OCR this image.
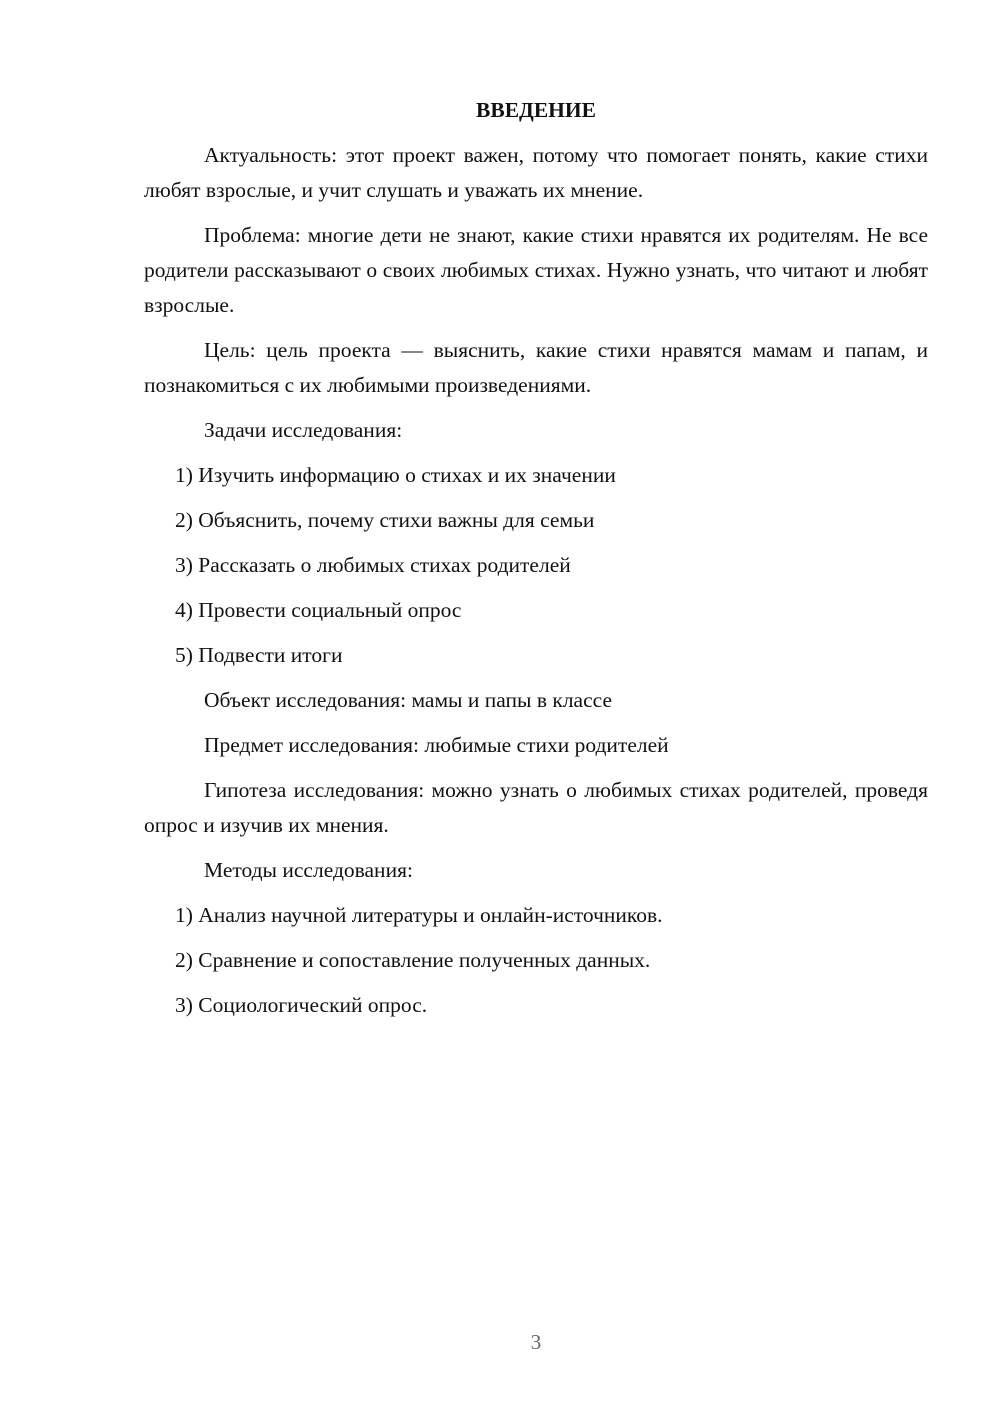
ВВЕДЕНИЕ
Актуальность: этот проект важен, потому что помогает понять, какие стихи любят взрослые, и учит слушать и уважать их мнение.
Проблема: многие дети не знают, какие стихи нравятся их родителям. Не все родители рассказывают о своих любимых стихах. Нужно узнать, что читают и любят взрослые.
Цель: цель проекта — выяснить, какие стихи нравятся мамам и папам, и познакомиться с их любимыми произведениями.
Задачи исследования:
1) Изучить информацию о стихах и их значении
2) Объяснить, почему стихи важны для семьи
3) Рассказать о любимых стихах родителей
4) Провести социальный опрос
5) Подвести итоги
Объект исследования: мамы и папы в классе
Предмет исследования: любимые стихи родителей
Гипотеза исследования: можно узнать о любимых стихах родителей, проведя опрос и изучив их мнения.
Методы исследования:
1) Анализ научной литературы и онлайн-источников.
2) Сравнение и сопоставление полученных данных.
3) Социологический опрос.
3
